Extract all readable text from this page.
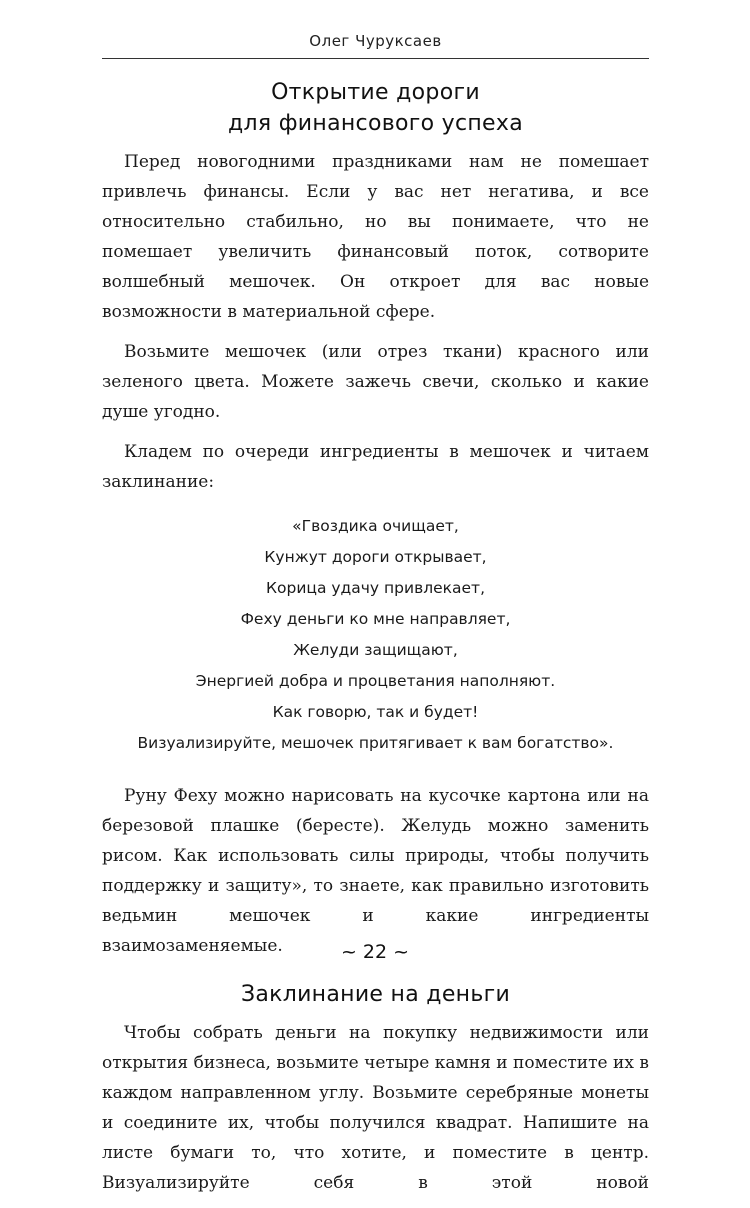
Олег Чуруксаев
Открытие дороги
для финансового успеха

Перед новогодними праздниками нам не помешает привлечь финансы. Если у вас нет негатива, и все относительно стабильно, но вы понимаете, что не помешает увеличить финансовый поток, сотворите волшебный мешочек. Он откроет для вас новые возможности в материальной сфере.

Возьмите мешочек (или отрез ткани) красного или зеленого цвета. Можете зажечь свечи, сколько и какие душе угодно.

Кладем по очереди ингредиенты в мешочек и читаем заклинание:

«Гвоздика очищает,
Кунжут дороги открывает,
Корица удачу привлекает,
Феху деньги ко мне направляет,
Желуди защищают,
Энергией добра и процветания наполняют.
Как говорю, так и будет!
Визуализируйте, мешочек притягивает к вам богатство».

Руну Феху можно нарисовать на кусочке картона или на березовой плашке (бересте). Желудь можно заменить рисом. Как использовать силы природы, чтобы получить поддержку и защиту», то знаете, как правильно изготовить ведьмин мешочек и какие ингредиенты взаимозаменяемые.

Заклинание на деньги

Чтобы собрать деньги на покупку недвижимости или открытия бизнеса, возьмите четыре камня и поместите их в каждом направленном углу. Возьмите серебряные монеты и соедините их, чтобы получился квадрат. Напишите на листе бумаги то, что хотите, и поместите в центр. Визуализируйте себя в этой новой

~ 22 ~
